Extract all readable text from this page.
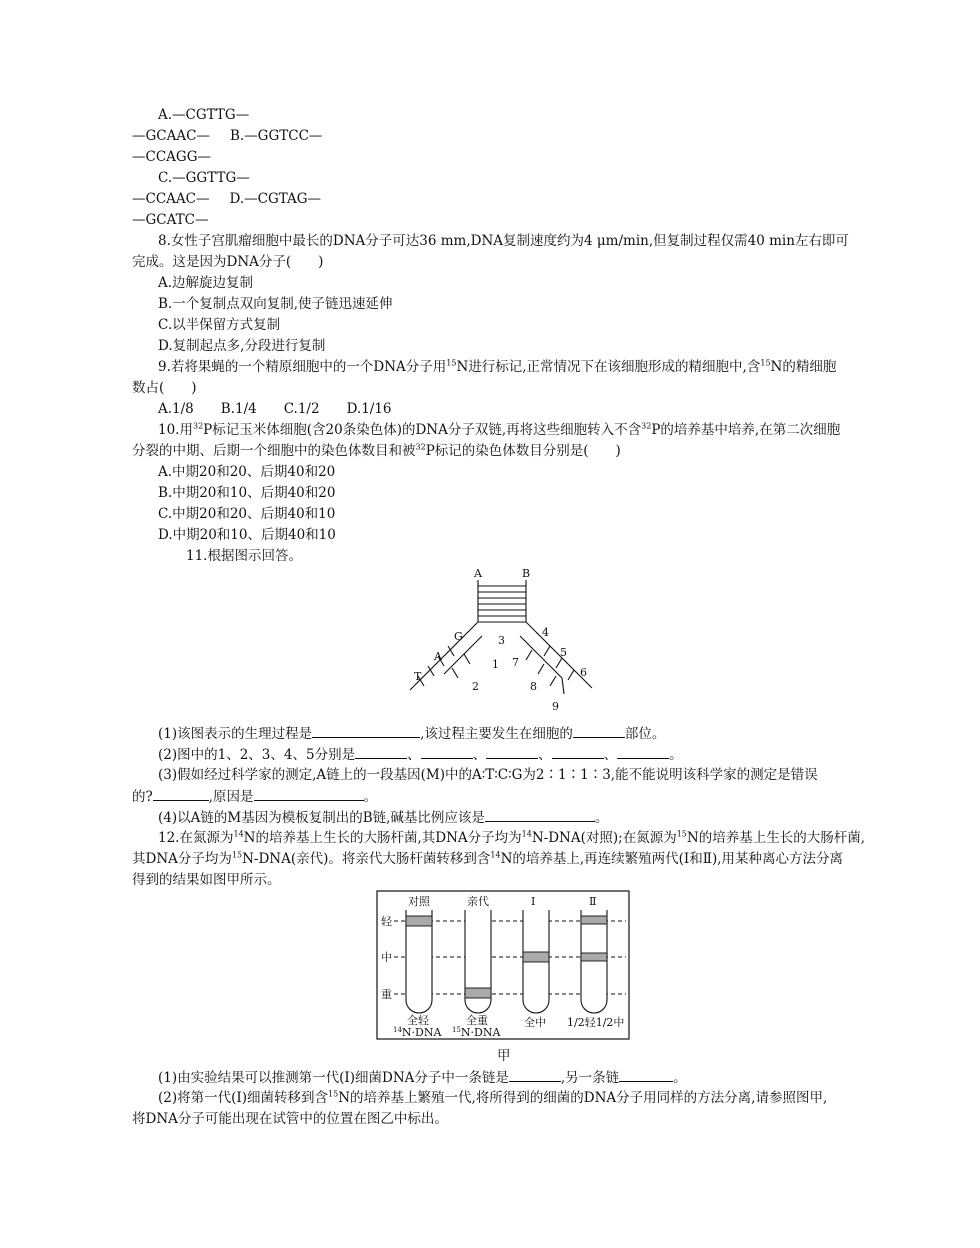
A.—CGTTG—
—GCAAC— B.—GGTCC—
—CCAGG—
C.—GGTTG—
—CCAAC— D.—CGTAG—
—GCATC—
8.女性子宫肌瘤细胞中最长的DNA分子可达36 mm,DNA复制速度约为4 μm/min,但复制过程仅需40 min左右即可
完成。这是因为DNA分子(　　)
A.边解旋边复制
B.一个复制点双向复制,使子链迅速延伸
C.以半保留方式复制
D.复制起点多,分段进行复制
9.若将果蝇的一个精原细胞中的一个DNA分子用$^{15}$N进行标记,正常情况下在该细胞形成的精细胞中,含$^{15}$N的精细胞
数占(　　)
A.1/8　　B.1/4　　C.1/2　　D.1/16
10.用$^{32}$P标记玉米体细胞(含20条染色体)的DNA分子双链,再将这些细胞转入不含$^{32}$P的培养基中培养,在第二次细胞
分裂的中期、后期一个细胞中的染色体数目和被$^{32}$P标记的染色体数目分别是(　　)
A.中期20和20、后期40和20
B.中期20和10、后期40和20
C.中期20和20、后期40和10
D.中期20和10、后期40和10
11.根据图示回答。
A	B
G
A
T
1
2
3
4
5
6
7
8
9
(1)该图表示的生理过程是	,该过程主要发生在细胞的	部位。
(2)图中的1、2、3、4、5分别是	、	、	、	、	。
(3)假如经过科学家的测定,A链上的一段基因(M)中的A∶T∶C∶G为2∶1∶1∶3,能不能说明该科学家的测定是错误
的?	,原因是	。
(4)以A链的M基因为模板复制出的B链,碱基比例应该是	。
12.在氮源为$^{14}$N的培养基上生长的大肠杆菌,其DNA分子均为$^{14}$N-DNA(对照);在氮源为$^{15}$N的培养基上生长的大肠杆菌,
其DNA分子均为$^{15}$N-DNA(亲代)。将亲代大肠杆菌转移到含$^{14}$N的培养基上,再连续繁殖两代(Ⅰ和Ⅱ),用某种离心方法分离
得到的结果如图甲所示。
对照	亲代	Ⅰ	Ⅱ
轻
中
重
全轻
$^{14}$N·DNA
全重
$^{15}$N·DNA
全中 1/2轻1/2中
甲
(1)由实验结果可以推测第一代(Ⅰ)细菌DNA分子中一条链是	,另一条链	。
(2)将第一代(Ⅰ)细菌转移到含$^{15}$N的培养基上繁殖一代,将所得到的细菌的DNA分子用同样的方法分离,请参照图甲,
将DNA分子可能出现在试管中的位置在图乙中标出。
